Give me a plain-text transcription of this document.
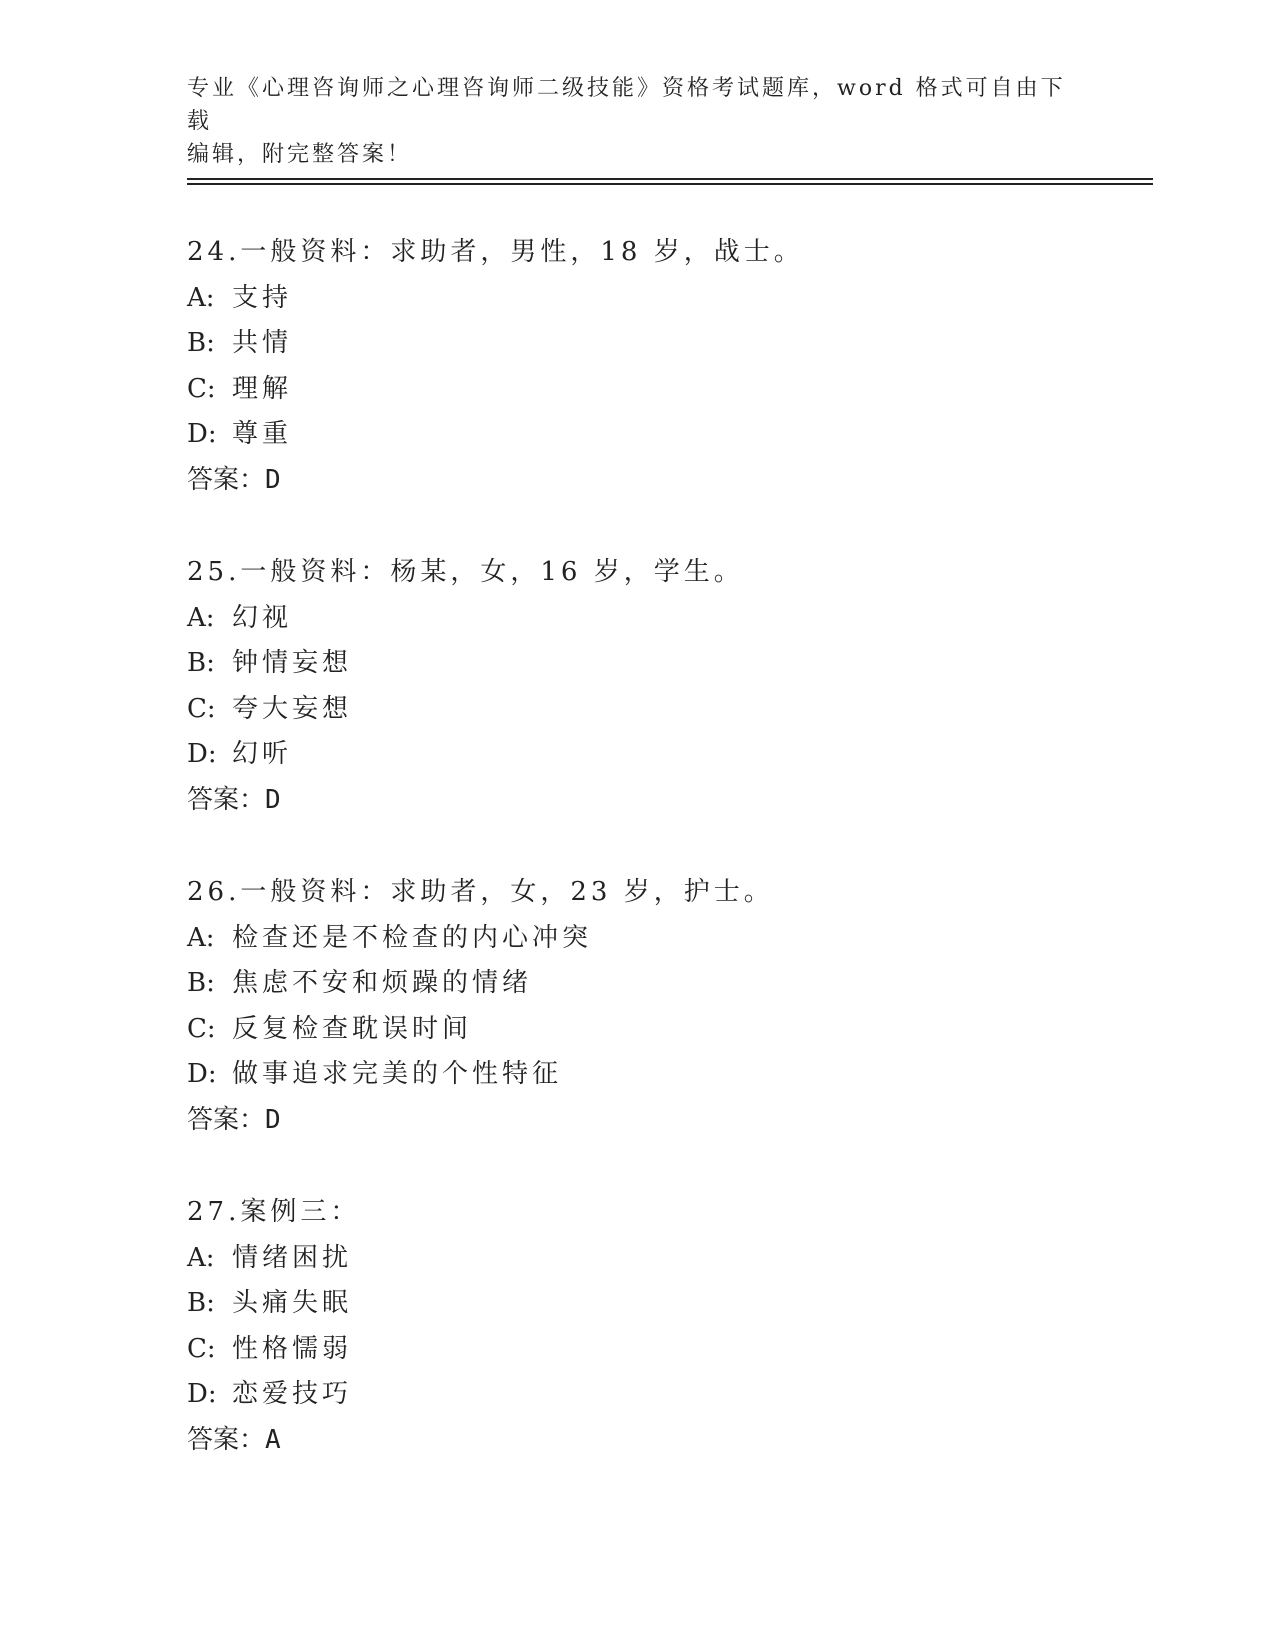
专业《心理咨询师之心理咨询师二级技能》资格考试题库，word 格式可自由下载
编辑，附完整答案！
24.一般资料：求助者，男性，18 岁，战士。
A: 支持
B: 共情
C: 理解
D: 尊重
答案：D
25.一般资料：杨某，女，16 岁，学生。
A: 幻视
B: 钟情妄想
C: 夸大妄想
D: 幻听
答案：D
26.一般资料：求助者，女，23 岁，护士。
A: 检查还是不检查的内心冲突
B: 焦虑不安和烦躁的情绪
C: 反复检查耽误时间
D: 做事追求完美的个性特征
答案：D
27.案例三：
A: 情绪困扰
B: 头痛失眠
C: 性格懦弱
D: 恋爱技巧
答案：A
